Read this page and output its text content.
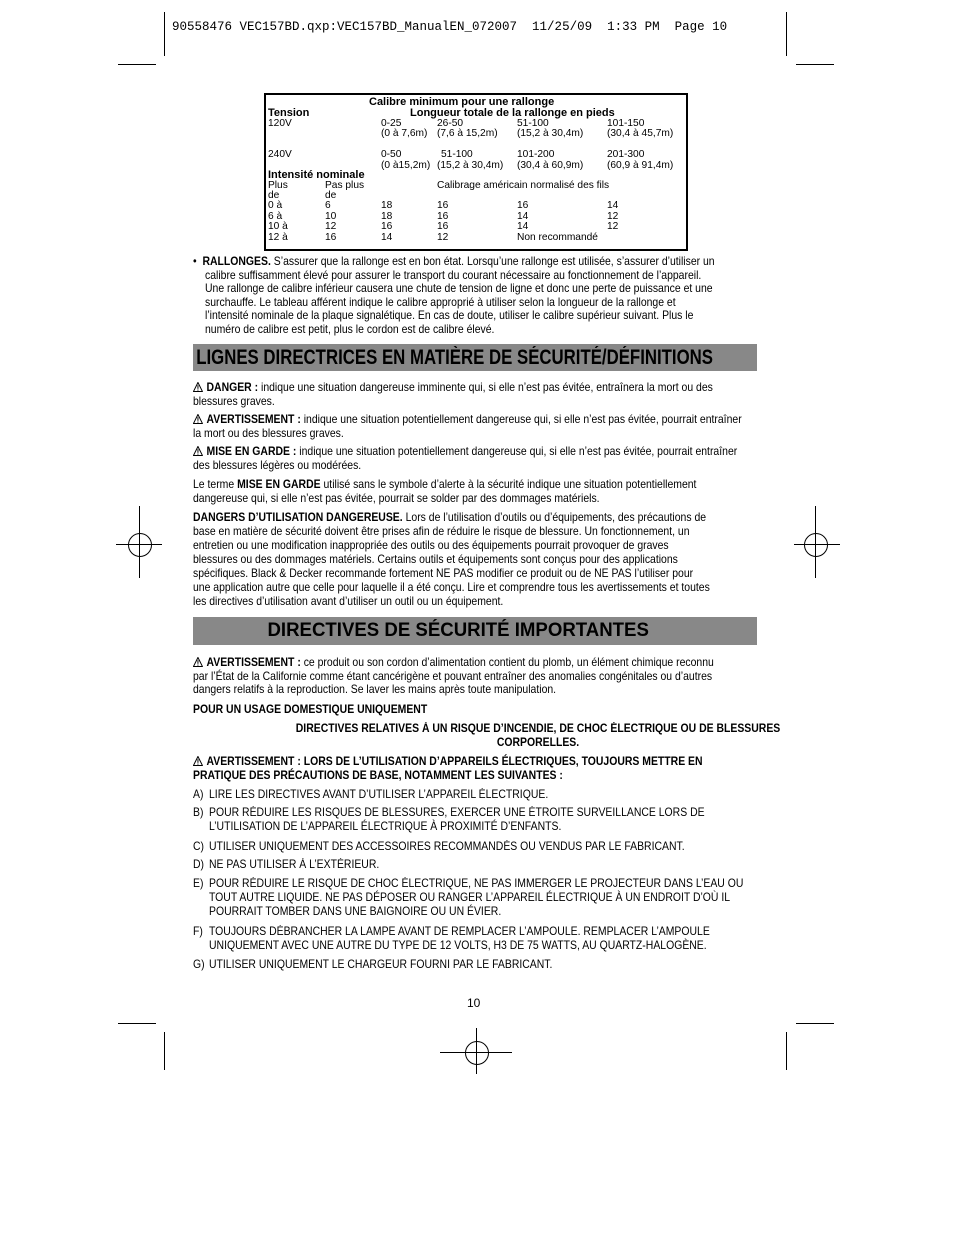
90558476 VEC157BD.qxp:VEC157BD_ManualEN_072007  11/25/09  1:33 PM  Page 10
Calibre minimum pour une rallonge
Tension	Longueur totale de la rallonge en pieds
120V	0-25	26-50	51-100	101-150
(0 à 7,6m) (7,6 à 15,2m) (15,2 à 30,4m) (30,4 à 45,7m)
240V	0-50	51-100	101-200	201-300
(0 à15,2m) (15,2 à 30,4m) (30,4 à 60,9m) (60,9 à 91,4m)
Intensité nominale
Plus	Pas plus	Calibrage américain normalisé des fils
de	de
0 à	6	18	16	16	14
6 à	10	18	16	14	12
10 à	12	16	16	14	12
12 à	16	14	12	Non recommandé
• RALLONGES. S’assurer que la rallonge est en bon état. Lorsqu’une rallonge est utilisée, s’assurer d’utiliser un
calibre suffisamment élevé pour assurer le transport du courant nécessaire au fonctionnement de l’appareil.
Une rallonge de calibre inférieur causera une chute de tension de ligne et donc une perte de puissance et une
surchauffe. Le tableau afférent indique le calibre approprié à utiliser selon la longueur de la rallonge et
l’intensité nominale de la plaque signalétique. En cas de doute, utiliser le calibre supérieur suivant. Plus le
numéro de calibre est petit, plus le cordon est de calibre élevé.
LIGNES DIRECTRICES EN MATIÈRE DE SÉCURITÉ/DÉFINITIONS
DANGER : indique une situation dangereuse imminente qui, si elle n’est pas évitée, entraînera la mort ou des
blessures graves.
AVERTISSEMENT : indique une situation potentiellement dangereuse qui, si elle n’est pas évitée, pourrait entraîner
la mort ou des blessures graves.
MISE EN GARDE : indique une situation potentiellement dangereuse qui, si elle n’est pas évitée, pourrait entraîner
des blessures légères ou modérées.
Le terme MISE EN GARDE utilisé sans le symbole d’alerte à la sécurité indique une situation potentiellement
dangereuse qui, si elle n’est pas évitée, pourrait se solder par des dommages matériels.
DANGERS D’UTILISATION DANGEREUSE. Lors de l’utilisation d’outils ou d’équipements, des précautions de
base en matière de sécurité doivent être prises afin de réduire le risque de blessure. Un fonctionnement, un
entretien ou une modification inappropriée des outils ou des équipements pourrait provoquer de graves
blessures ou des dommages matériels. Certains outils et équipements sont conçus pour des applications
spécifiques. Black & Decker recommande fortement NE PAS modifier ce produit ou de NE PAS l’utiliser pour
une application autre que celle pour laquelle il a été conçu. Lire et comprendre tous les avertissements et toutes
les directives d’utilisation avant d’utiliser un outil ou un équipement.
DIRECTIVES DE SÉCURITÉ IMPORTANTES
AVERTISSEMENT : ce produit ou son cordon d’alimentation contient du plomb, un élément chimique reconnu
par l’État de la Californie comme étant cancérigène et pouvant entraîner des anomalies congénitales ou d’autres
dangers relatifs à la reproduction. Se laver les mains après toute manipulation.
POUR UN USAGE DOMESTIQUE UNIQUEMENT
DIRECTIVES RELATIVES À UN RISQUE D’INCENDIE, DE CHOC ÉLECTRIQUE OU DE BLESSURES
CORPORELLES.
AVERTISSEMENT : LORS DE L’UTILISATION D’APPAREILS ÉLECTRIQUES, TOUJOURS METTRE EN
PRATIQUE DES PRÉCAUTIONS DE BASE, NOTAMMENT LES SUIVANTES :
A) LIRE LES DIRECTIVES AVANT D’UTILISER L’APPAREIL ÉLECTRIQUE.
B) POUR RÉDUIRE LES RISQUES DE BLESSURES, EXERCER UNE ÉTROITE SURVEILLANCE LORS DE
L’UTILISATION DE L’APPAREIL ÉLECTRIQUE À PROXIMITÉ D’ENFANTS.
C) UTILISER UNIQUEMENT DES ACCESSOIRES RECOMMANDÉS OU VENDUS PAR LE FABRICANT.
D) NE PAS UTILISER À L’EXTÉRIEUR.
E) POUR RÉDUIRE LE RISQUE DE CHOC ÉLECTRIQUE, NE PAS IMMERGER LE PROJECTEUR DANS L’EAU OU
TOUT AUTRE LIQUIDE. NE PAS DÉPOSER OU RANGER L’APPAREIL ÉLECTRIQUE À UN ENDROIT D’OÙ IL
POURRAIT TOMBER DANS UNE BAIGNOIRE OU UN ÉVIER.
F) TOUJOURS DÉBRANCHER LA LAMPE AVANT DE REMPLACER L’AMPOULE. REMPLACER L’AMPOULE
UNIQUEMENT AVEC UNE AUTRE DU TYPE DE 12 VOLTS, H3 DE 75 WATTS, AU QUARTZ-HALOGÈNE.
G) UTILISER UNIQUEMENT LE CHARGEUR FOURNI PAR LE FABRICANT.
10
